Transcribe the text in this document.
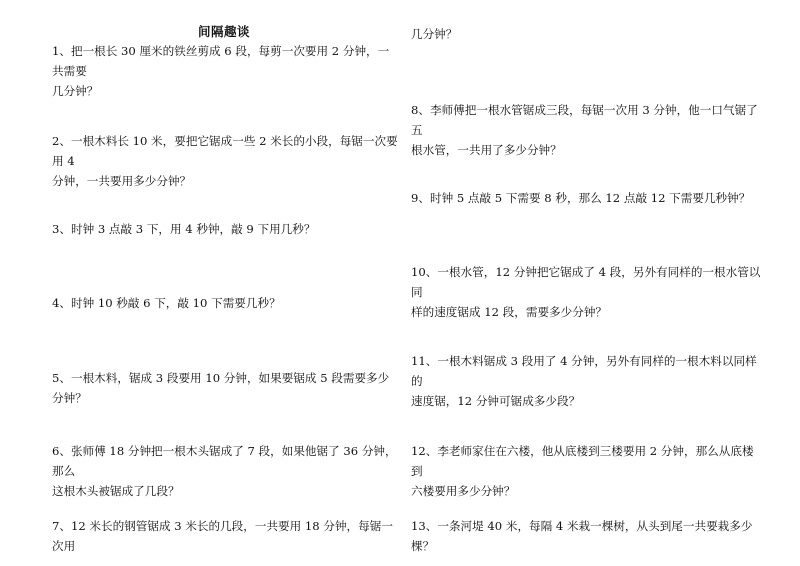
间隔趣谈
1、把一根长 30 厘米的铁丝剪成 6 段，每剪一次要用 2 分钟，一共需要
几分钟？
2、一根木料长 10 米，要把它锯成一些 2 米长的小段，每锯一次要用 4
分钟，一共要用多少分钟？
3、时钟 3 点敲 3 下，用 4 秒钟，敲 9 下用几秒？
4、时钟 10 秒敲 6 下，敲 10 下需要几秒？
5、一根木料，锯成 3 段要用 10 分钟，如果要锯成 5 段需要多少分钟？
6、张师傅 18 分钟把一根木头锯成了 7 段，如果他锯了 36 分钟，那么
这根木头被锯成了几段？
7、12 米长的钢管锯成 3 米长的几段，一共要用 18 分钟，每锯一次用
几分钟？
8、李师傅把一根水管锯成三段，每锯一次用 3 分钟，他一口气锯了五
根水管，一共用了多少分钟？
9、时钟 5 点敲 5 下需要 8 秒，那么 12 点敲 12 下需要几秒钟？
10、一根水管，12 分钟把它锯成了 4 段，另外有同样的一根水管以同
样的速度锯成 12 段，需要多少分钟？
11、一根木料锯成 3 段用了 4 分钟，另外有同样的一根木料以同样的
速度锯，12 分钟可锯成多少段？
12、李老师家住在六楼，他从底楼到三楼要用 2 分钟，那么从底楼到
六楼要用多少分钟？
13、一条河堤 40 米，每隔 4 米栽一棵树，从头到尾一共要栽多少棵？
